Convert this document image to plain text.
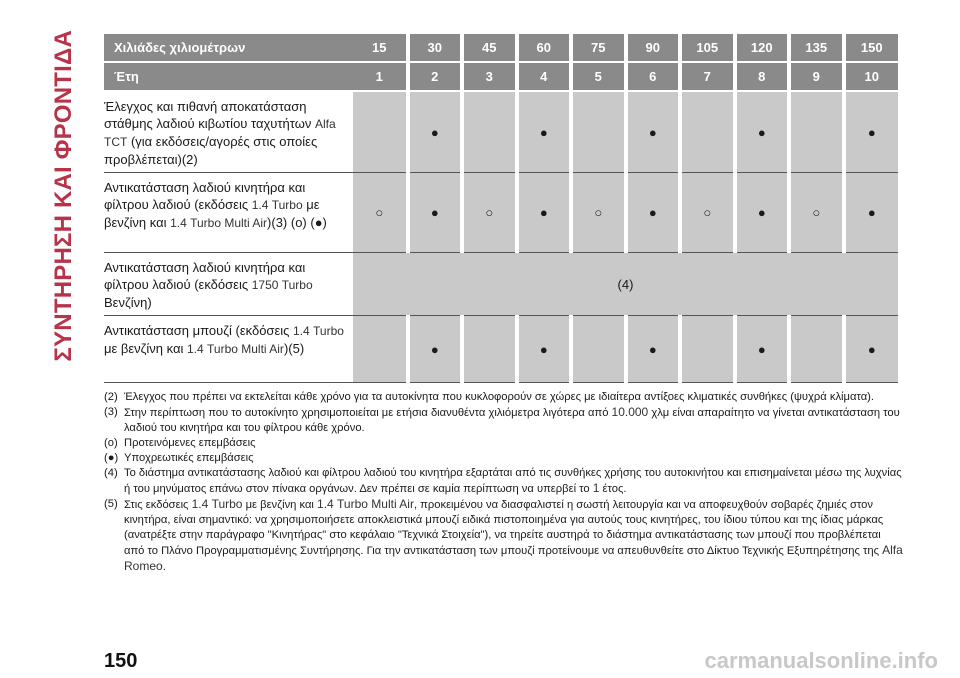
ΣΥΝΤΗΡΗΣΗ ΚΑΙ ΦΡΟΝΤΙΔΑ	Χιλιάδες χιλιομέτρων	15	30	45	60	75	90	105	120	135	150
Έτη	1	2	3	4	5	6	7	8	9	10
Έλεγχος και πιθανή αποκατάσταση στάθμης λαδιού κιβωτίου ταχυτήτων Alfa TCT (για εκδόσεις/αγορές στις οποίες προβλέπεται)(2)		●		●		●		●		●
Αντικατάσταση λαδιού κινητήρα και φίλτρου λαδιού (εκδόσεις 1.4 Turbo με βενζίνη και 1.4 Turbo Multi Air)(3) (ο) (●)	○	●	○	●	○	●	○	●	○	●
Αντικατάσταση λαδιού κινητήρα και φίλτρου λαδιού (εκδόσεις 1750 Turbo Βενζίνη)	(4)									
Αντικατάσταση μπουζί (εκδόσεις 1.4 Turbo με βενζίνη και 1.4 Turbo Multi Air)(5)		●		●		●		●		●
(2) Έλεγχος που πρέπει να εκτελείται κάθε χρόνο για τα αυτοκίνητα που κυκλοφορούν σε χώρες με ιδιαίτερα αντίξοες κλιματικές συνθήκες (ψυχρά κλίματα).
(3) Στην περίπτωση που το αυτοκίνητο χρησιμοποιείται με ετήσια διανυθέντα χιλιόμετρα λιγότερα από 10.000 χλμ είναι απαραίτητο να γίνεται αντικατάσταση του λαδιού του κινητήρα και του φίλτρου κάθε χρόνο.
(ο) Προτεινόμενες επεμβάσεις
(●) Υποχρεωτικές επεμβάσεις
(4) Το διάστημα αντικατάστασης λαδιού και φίλτρου λαδιού του κινητήρα εξαρτάται από τις συνθήκες χρήσης του αυτοκινήτου και επισημαίνεται μέσω της λυχνίας ή του μηνύματος επάνω στον πίνακα οργάνων. Δεν πρέπει σε καμία περίπτωση να υπερβεί το 1 έτος.
(5) Στις εκδόσεις 1.4 Turbo με βενζίνη και 1.4 Turbo Multi Air, προκειμένου να διασφαλιστεί η σωστή λειτουργία και να αποφευχθούν σοβαρές ζημιές στον κινητήρα, είναι σημαντικό: να χρησιμοποιήσετε αποκλειστικά μπουζί ειδικά πιστοποιημένα για αυτούς τους κινητήρες, του ίδιου τύπου και της ίδιας μάρκας (ανατρέξτε στην παράγραφο "Κινητήρας" στο κεφάλαιο "Τεχνικά Στοιχεία"), να τηρείτε αυστηρά το διάστημα αντικατάστασης των μπουζί που προβλέπεται από το Πλάνο Προγραμματισμένης Συντήρησης. Για την αντικατάσταση των μπουζί προτείνουμε να απευθυνθείτε στο Δίκτυο Τεχνικής Εξυπηρέτησης της Alfa Romeo.
150	carmanualsonline.info
